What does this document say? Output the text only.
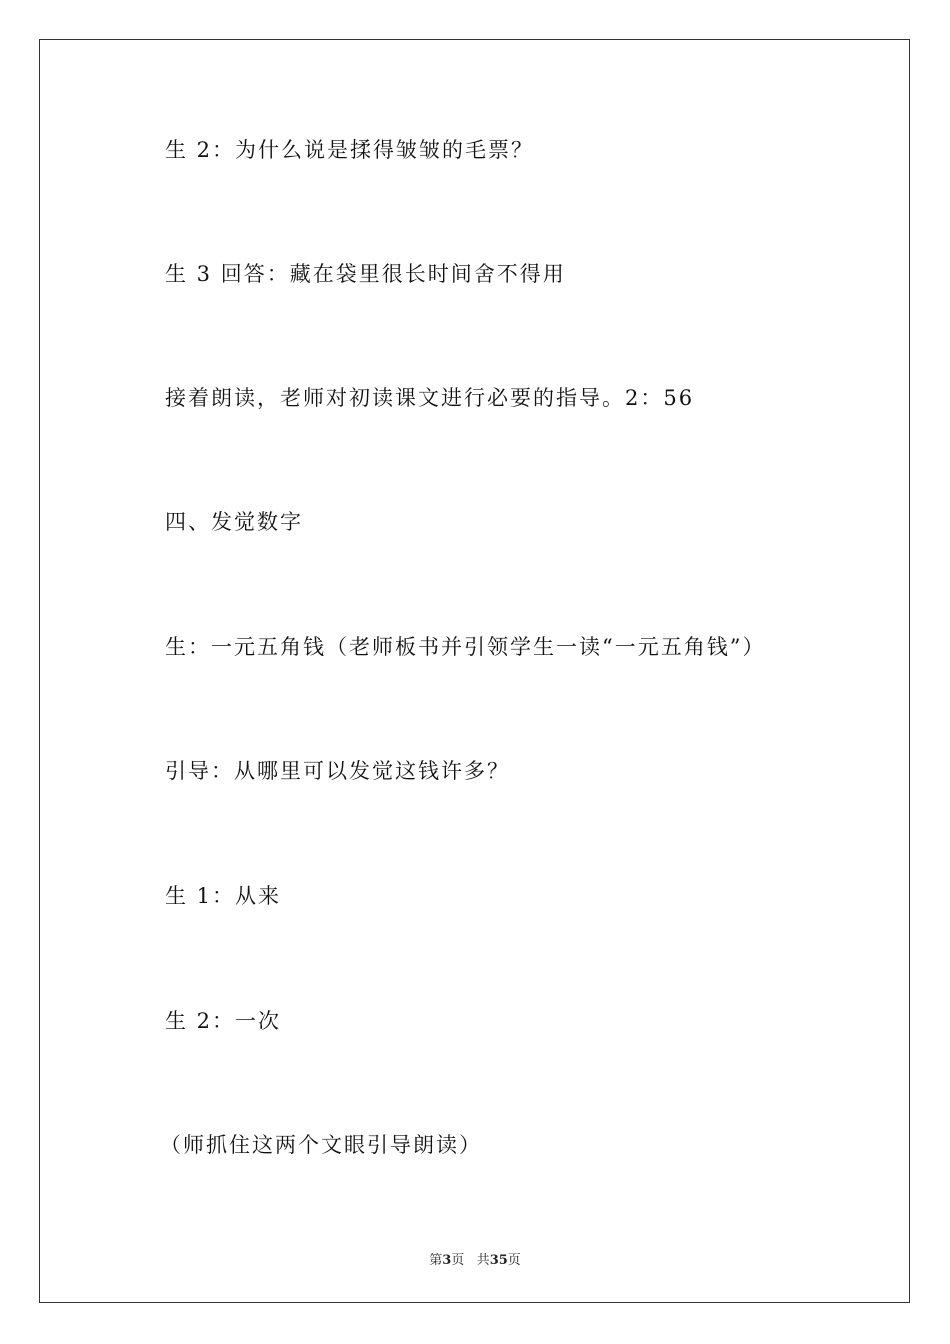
生 2：为什么说是揉得皱皱的毛票？
生 3 回答：藏在袋里很长时间舍不得用
接着朗读，老师对初读课文进行必要的指导。2：56
四、发觉数字
生：一元五角钱（老师板书并引领学生一读“一元五角钱”）
引导：从哪里可以发觉这钱许多？
生 1：从来
生 2：一次
（师抓住这两个文眼引导朗读）
第3页 共35页
